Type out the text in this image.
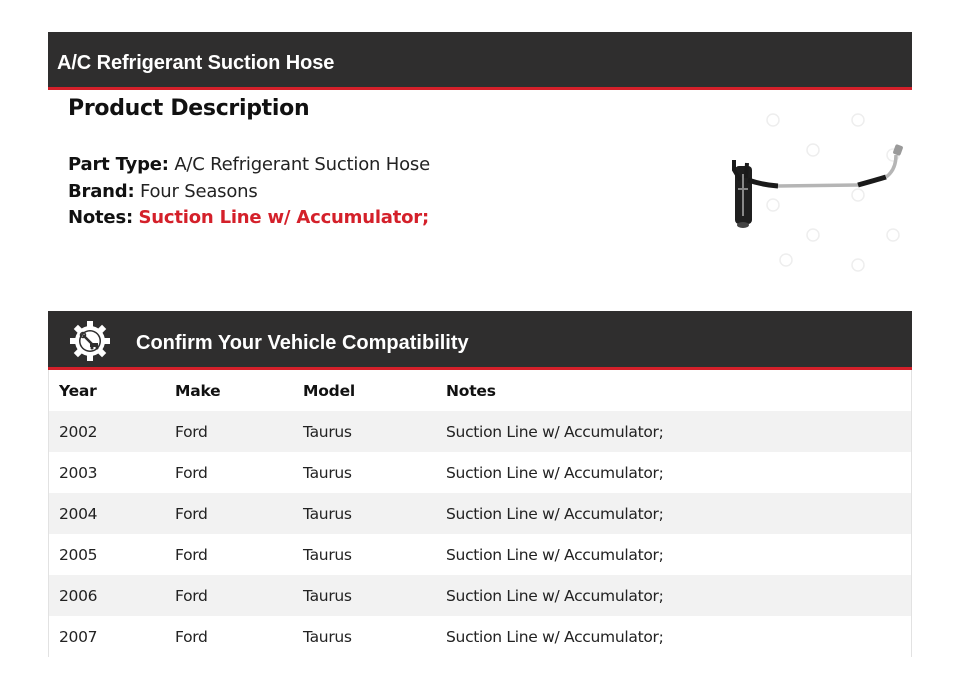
A/C Refrigerant Suction Hose
Product Description
Part Type: A/C Refrigerant Suction Hose
Brand: Four Seasons
Notes: Suction Line w/ Accumulator;
Confirm Your Vehicle Compatibility
Year	Make	Model	Notes
2002	Ford	Taurus	Suction Line w/ Accumulator;
2003	Ford	Taurus	Suction Line w/ Accumulator;
2004	Ford	Taurus	Suction Line w/ Accumulator;
2005	Ford	Taurus	Suction Line w/ Accumulator;
2006	Ford	Taurus	Suction Line w/ Accumulator;
2007	Ford	Taurus	Suction Line w/ Accumulator;
